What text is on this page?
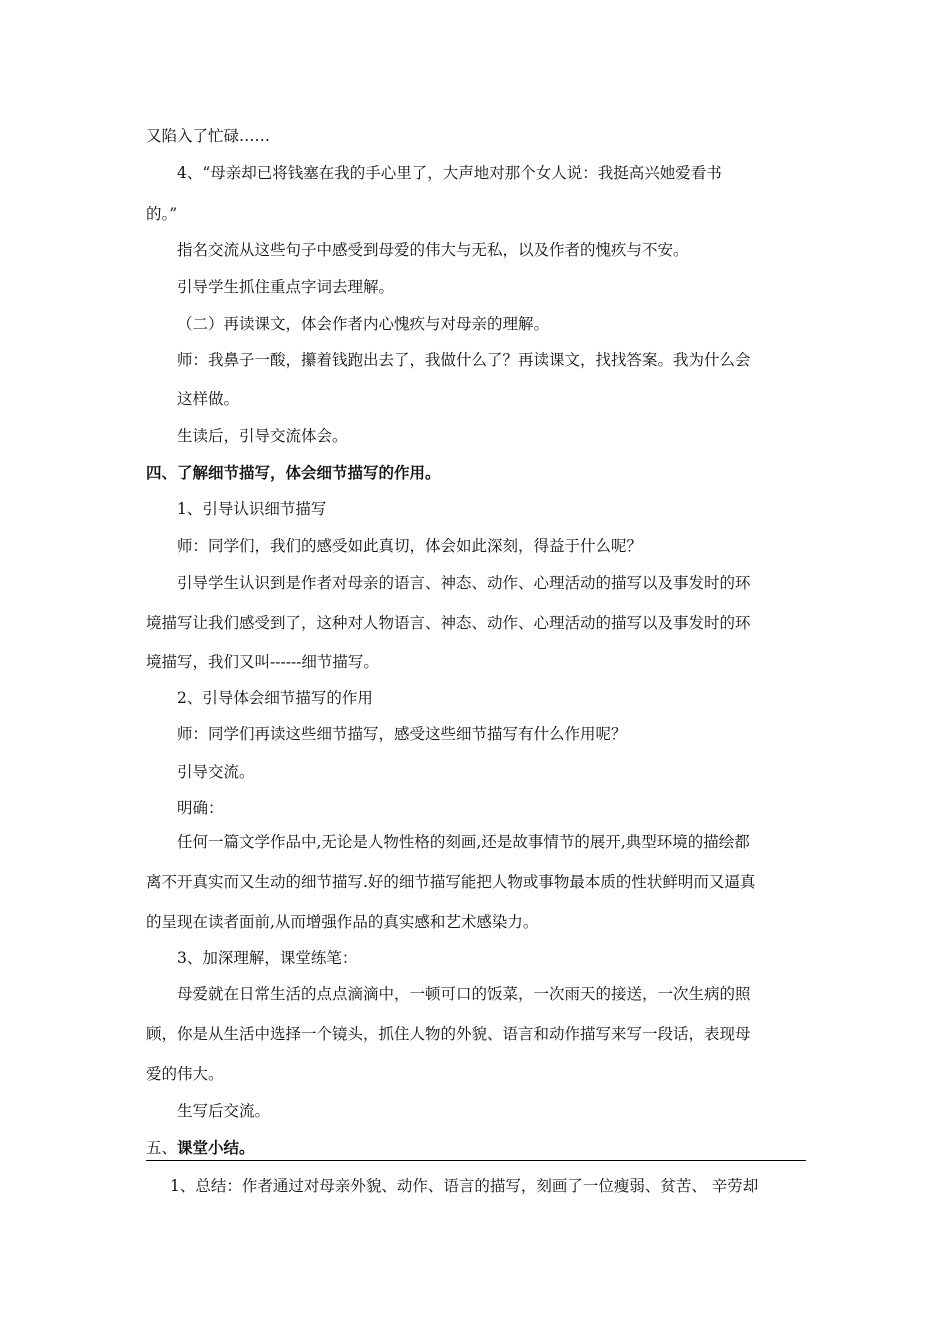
又陷入了忙碌……
4、“母亲却已将钱塞在我的手心里了，大声地对那个女人说：我挺高兴她爱看书
的。”
指名交流从这些句子中感受到母爱的伟大与无私，以及作者的愧疚与不安。
引导学生抓住重点字词去理解。
（二）再读课文，体会作者内心愧疚与对母亲的理解。
师：我鼻子一酸，攥着钱跑出去了，我做什么了？再读课文，找找答案。我为什么会
这样做。
生读后，引导交流体会。
四、了解细节描写，体会细节描写的作用。
1、引导认识细节描写
师：同学们，我们的感受如此真切，体会如此深刻，得益于什么呢？
引导学生认识到是作者对母亲的语言、神态、动作、心理活动的描写以及事发时的环
境描写让我们感受到了，这种对人物语言、神态、动作、心理活动的描写以及事发时的环
境描写，我们又叫------细节描写。
2、引导体会细节描写的作用
师：同学们再读这些细节描写，感受这些细节描写有什么作用呢？
引导交流。
明确：
任何一篇文学作品中,无论是人物性格的刻画,还是故事情节的展开,典型环境的描绘都
离不开真实而又生动的细节描写.好的细节描写能把人物或事物最本质的性状鲜明而又逼真
的呈现在读者面前,从而增强作品的真实感和艺术感染力。
3、加深理解，课堂练笔：
母爱就在日常生活的点点滴滴中，一顿可口的饭菜，一次雨天的接送，一次生病的照
顾，你是从生活中选择一个镜头，抓住人物的外貌、语言和动作描写来写一段话，表现母
爱的伟大。
生写后交流。
五、课堂小结。
1、总结：作者通过对母亲外貌、动作、语言的描写，刻画了一位瘦弱、贫苦、 辛劳却
